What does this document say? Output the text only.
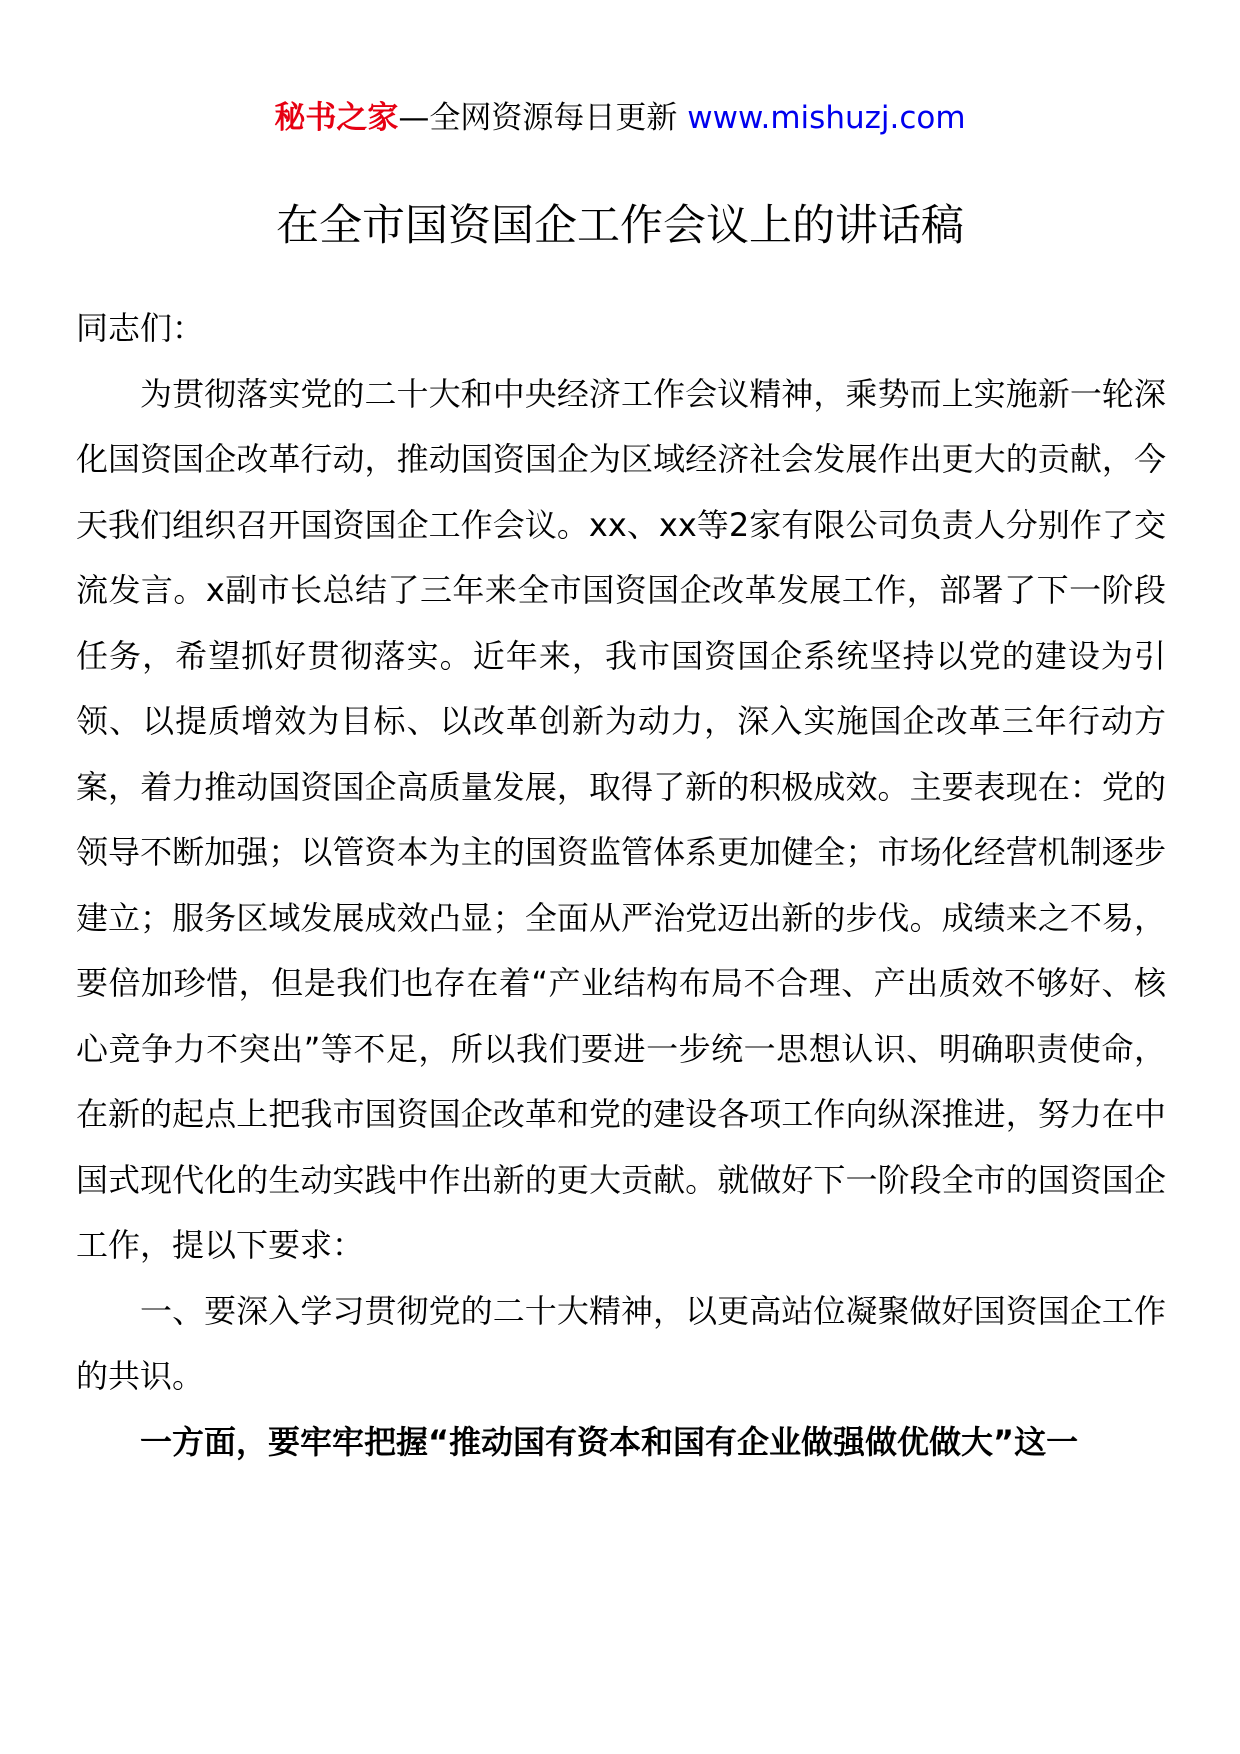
秘书之家—全网资源每日更新 www.mishuzj.com
在全市国资国企工作会议上的讲话稿

同志们：

为贯彻落实党的二十大和中央经济工作会议精神，乘势而上实施新一轮深化国资国企改革行动，推动国资国企为区域经济社会发展作出更大的贡献，今天我们组织召开国资国企工作会议。xx、xx等2家有限公司负责人分别作了交流发言。x副市长总结了三年来全市国资国企改革发展工作，部署了下一阶段任务，希望抓好贯彻落实。近年来，我市国资国企系统坚持以党的建设为引领、以提质增效为目标、以改革创新为动力，深入实施国企改革三年行动方案，着力推动国资国企高质量发展，取得了新的积极成效。主要表现在：党的领导不断加强；以管资本为主的国资监管体系更加健全；市场化经营机制逐步建立；服务区域发展成效凸显；全面从严治党迈出新的步伐。成绩来之不易，要倍加珍惜，但是我们也存在着“产业结构布局不合理、产出质效不够好、核心竞争力不突出”等不足，所以我们要进一步统一思想认识、明确职责使命，在新的起点上把我市国资国企改革和党的建设各项工作向纵深推进，努力在中国式现代化的生动实践中作出新的更大贡献。就做好下一阶段全市的国资国企工作，提以下要求：

一、要深入学习贯彻党的二十大精神，以更高站位凝聚做好国资国企工作的共识。

一方面，要牢牢把握“推动国有资本和国有企业做强做优做大”这一
